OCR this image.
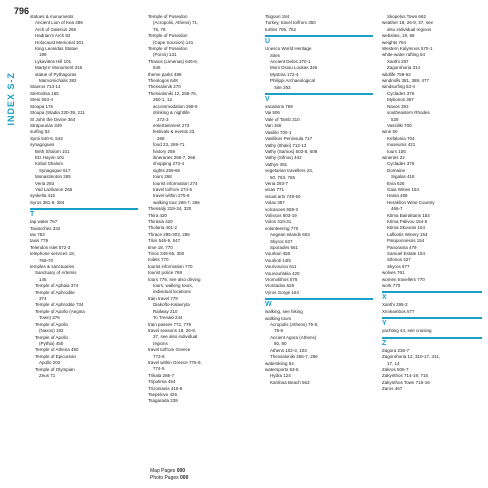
796
INDEX S-Z
statues & monuments
Ancient Lion of Kea 489
Arch of Galerius 265
Hadrian's Arch 82
Holocaust Memorial 301
King Leonidas Statue
199
Lykavittos Hill 101
Martyrs' Monument 316
statue of Pythagoras
Mamomichalis 382
Stavros 713-14
Stemnitsa 165
Steni 653-4
Stoupa 176
Stoupa (Stadia 230-39, 211
St John the Divine 364
Strapourias 349
surfing 54
Symi 540-6, 543
synagogues
Beth Shalom 101
Etz Hayim 101
Kahal Shalom
Synagogue 517
Monastirioton 265
Veria 293
Yad Lazikaron 265
synkella 415
Syros 381-9, 384
T
tap water 767
Taxiarches 332
tax 763
taxis 779
Telendos Islet 572-3
telephone services 18,
769-70
temples & sanctuaries
Sanctuary of Artemis
145
Temple of Aphaia 374
Temple of Aphrodite
374
Temple of Aphrodite 734
Temple of Apollo (Aegina
Town) 376
Temple of Apollo
(Naxos) 192
Temple of Apollo
(Pythia) 450
Temple of Athena 450
Temple of Epicurean
Apollo 202
Temple of Olympian
Zeus 71
Temple of Poseidon
(Acropolis, Athens) 71,
76, 78
Temple of Poseidon
(Cape Sounion) 141
Temple of Poseidon
(Poros) 131
Thasos (Limenas) 645-6,
645
theme parks 498
Theologos 648
Thessalonik 270
Thessaloniki 12, 259-76,
260-1, 12
accommodation 268-9
drinking & nightlife
272-3
entertainment 273
festivals & events 23,
268
food 23, 269-71
history 259
itineraries 266-7, 266
shopping 273-4
sights 259-66
tours 268
tourist information 274
travel to/from 274-5
travel within 275-6
walking tour 266-7, 266
Thessaly 319-34, 320
Thira 420
Thirasia 420
Tholaria 401-2
Thrace 295-303, 296
Tilos 546-9, 547
time 18, 770
Tinos 349-55, 350
toilets 770
tourist information 770
tourist police 769
tours 779, see also driving
tours, walking tours,
individual locations
train travel 779
Diakofto-Kalavryta
Railway 210
To Trenaki 244
train passes 772, 779
travel seasons 18, 26-9,
37, see also individual
regions
travel to/from Greece
773-6
travel within Greece 776-9,
774-5
Trikala 286-7
Tripotima 454
Trizonianis 415-6
Tsepelovo 426
Tsagarada 239
Tsigouri 184
Turkey, travel to/from 350
turtles 705, 762
U
Unesco World Heritage
Sites
Ancient Delos 370-1
Moni Osiou Loukas 346
Mystras 172-4
Philippi Archaeological
Site 293
V
vacations 769
Vai 506
Vale of Tamb 310
Vari 166
Vasiliki 700-1
Vasilikos Peninsula 717
Vathy (Ithaki) 712-13
Vathy (Samos) 603-8, 608
Vathy (Sifnos) 442
Vathys 391
vegetarian travellers 23,
50, 763, 765
Veria 293-7
visas 771
visual arts 749-50
Volax 357
volcanoes 559-3
Volissos 603-19
Volos 319-31
volunteering 770
Aegean Islands 603
Skyros 627
Sporades 661
Vourkari 450
Vourlioti 14th
Vourvourou 611
Vouvourlakia 420
Vromolithos 576
Vrontados 626
Vyros Gorge 164
W
walking, see hiking
walking tours
Acropolis (Athens) 76-9,
78-9
Ancient Agora (Athens)
80, 80
Athens 102-3, 103
Thessaloniki 266-7, 266
waterskiing 54
watersports 53-6
Hydra 124
Kamboa Beach 563
Skopelos Town 662
weather 18, 26-9, 37, see
also individual regions
websites, 19, 58
weights 764
Western Kalymnos 570-1
white-water rafting 54
Xanthi 297
Zagorohoria 314
wildlife 759-62
windmills 381, 389, 477
windsurfing 53-4
Cyclades 376
Mykonos 367
Naxos 393
southeastern Rhodes
528
Vassiliki 700
wine 50
Kefalonia 704
museums 421
tours 105
wineries 22
Cyclades 376
Domaine
Sigalas 418
Evia 626
Gaia Wines 154
Hania 488
Heraklion Wine Country
466-7
Ktima Bairaktaris 154
Ktima Palivou 154-5
Ktima Skouras 154
Lafkiotis Winery 154
Paloponnesos 154
Panorama 479
Samuel Estate 154
Sifonos 427
Skyros 677
wolves 761
women travellers 770
work 770
X
Xanthi 295-3
Xirokambos 577
Y
yachting 44, see cruising
Z
Zagora 236-7
Zagorohoria 12, 310-17, 311,
17, 14
Zakros 506-7
Zakynthos 714-19, 715
Zakynthos Town 715-16
Zaros 467
Map Pages 000
Photo Pages 000
